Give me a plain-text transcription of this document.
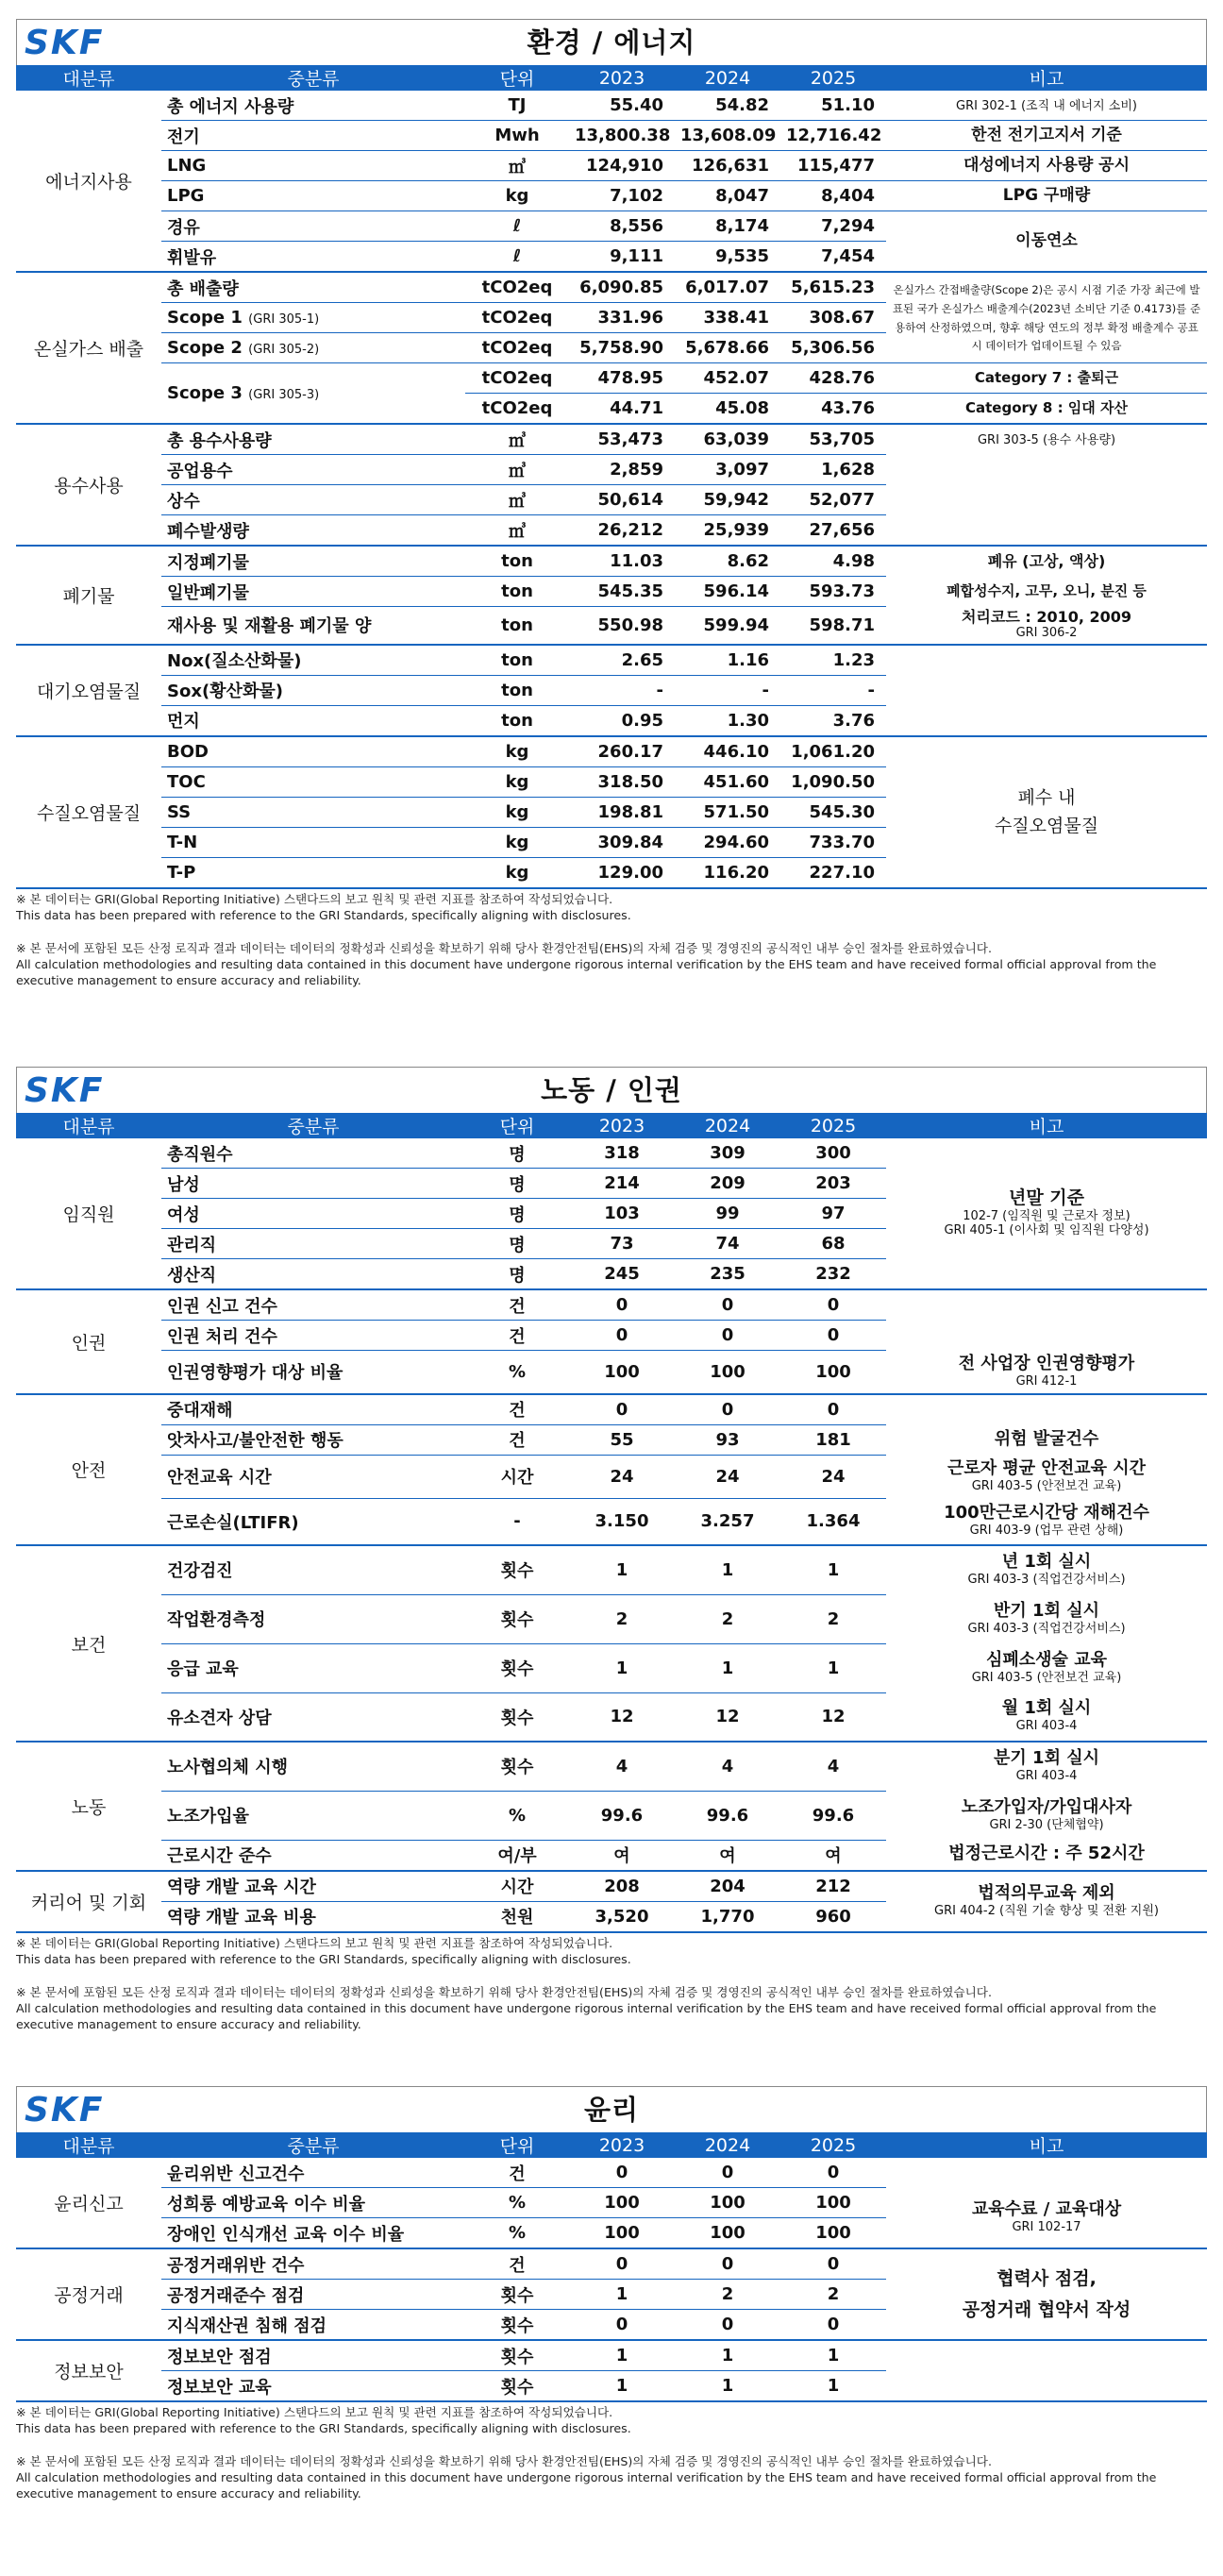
SKF	환경 / 에너지
대분류	중분류	단위	2023	2024	2025	비고
에너지사용	총 에너지 사용량	TJ	55.40	54.82	51.10	GRI 302-1 (조직 내 에너지 소비)
	전기	Mwh	13,800.38	13,608.09	12,716.42	한전 전기고지서 기준
	LNG	㎥	124,910	126,631	115,477	대성에너지 사용량 공시
	LPG	kg	7,102	8,047	8,404	LPG 구매량
	경유	ℓ	8,556	8,174	7,294	이동연소
	휘발유	ℓ	9,111	9,535	7,454	
온실가스 배출	총 배출량	tCO2eq	6,090.85	6,017.07	5,615.23	온실가스 간접배출량(Scope 2)은 공시 시점 기준 가장 최근에 발표된 국가 온실가스 배출계수(2023년 소비단 기준 0.4173)를 준용하여 산정하였으며, 향후 해당 연도의 정부 확정 배출계수 공표 시 데이터가 업데이트될 수 있음
	Scope 1 (GRI 305-1)	tCO2eq	331.96	338.41	308.67	
	Scope 2 (GRI 305-2)	tCO2eq	5,758.90	5,678.66	5,306.56	
	Scope 3 (GRI 305-3)	tCO2eq	478.95	452.07	428.76	Category 7 : 출퇴근
		tCO2eq	44.71	45.08	43.76	Category 8 : 임대 자산
용수사용	총 용수사용량	㎥	53,473	63,039	53,705	GRI 303-5 (용수 사용량)
	공업용수	㎥	2,859	3,097	1,628	
	상수	㎥	50,614	59,942	52,077	
	폐수발생량	㎥	26,212	25,939	27,656	
폐기물	지정폐기물	ton	11.03	8.62	4.98	폐유 (고상, 액상)
	일반폐기물	ton	545.35	596.14	593.73	폐합성수지, 고무, 오니, 분진 등
	재사용 및 재활용 폐기물 양	ton	550.98	599.94	598.71	처리코드 : 2010, 2009
GRI 306-2

대기오염물질	Nox(질소산화물)	ton	2.65	1.16	1.23	
	Sox(황산화물)	ton	-	-	-	
	먼지	ton	0.95	1.30	3.76	
수질오염물질	BOD	kg	260.17	446.10	1,061.20	폐수 내
수질오염물질
	TOC	kg	318.50	451.60	1,090.50	
	SS	kg	198.81	571.50	545.30	
	T-N	kg	309.84	294.60	733.70	
	T-P	kg	129.00	116.20	227.10	

※ 본 데이터는 GRI(Global Reporting Initiative) 스탠다드의 보고 원칙 및 관련 지표를 참조하여 작성되었습니다.

This data has been prepared with reference to the GRI Standards, specifically aligning with disclosures.

※ 본 문서에 포함된 모든 산정 로직과 결과 데이터는 데이터의 정확성과 신뢰성을 확보하기 위해 당사 환경안전팀(EHS)의 자체 검증 및 경영진의 공식적인 내부 승인 절차를 완료하였습니다.

All calculation methodologies and resulting data contained in this document have undergone rigorous internal verification by the EHS team and have received formal official approval from the executive management to ensure accuracy and reliability.

SKF	노동 / 인권
대분류	중분류	단위	2023	2024	2025	비고
임직원	총직원수	명	318	309	300	년말 기준
102-7 (임직원 및 근로자 정보)
GRI 405-1 (이사회 및 임직원 다양성)

	남성	명	214	209	203	
	여성	명	103	99	97	
	관리직	명	73	74	68	
	생산직	명	245	235	232	
인권	인권 신고 건수	건	0	0	0	
	인권 처리 건수	건	0	0	0	
	인권영향평가 대상 비율	%	100	100	100	전 사업장 인권영향평가
GRI 412-1

안전	중대재해	건	0	0	0	
	앗차사고/불안전한 행동	건	55	93	181	위험 발굴건수
	안전교육 시간	시간	24	24	24	근로자 평균 안전교육 시간
GRI 403-5 (안전보건 교육)

	근로손실(LTIFR)	-	3.150	3.257	1.364	100만근로시간당 재해건수
GRI 403-9 (업무 관련 상해)

보건	건강검진	횟수	1	1	1	년 1회 실시
GRI 403-3 (직업건강서비스)

	작업환경측정	횟수	2	2	2	반기 1회 실시
GRI 403-3 (직업건강서비스)

	응급 교육	횟수	1	1	1	심폐소생술 교육
GRI 403-5 (안전보건 교육)

	유소견자 상담	횟수	12	12	12	월 1회 실시
GRI 403-4

노동	노사협의체 시행	횟수	4	4	4	분기 1회 실시
GRI 403-4

	노조가입율	%	99.6	99.6	99.6	노조가입자/가입대사자
GRI 2-30 (단체협약)

	근로시간 준수	여/부	여	여	여	법정근로시간 : 주 52시간
커리어 및 기회	역량 개발 교육 시간	시간	208	204	212	법적의무교육 제외
GRI 404-2 (직원 기술 향상 및 전환 지원)

	역량 개발 교육 비용	천원	3,520	1,770	960	

※ 본 데이터는 GRI(Global Reporting Initiative) 스탠다드의 보고 원칙 및 관련 지표를 참조하여 작성되었습니다.

This data has been prepared with reference to the GRI Standards, specifically aligning with disclosures.

※ 본 문서에 포함된 모든 산정 로직과 결과 데이터는 데이터의 정확성과 신뢰성을 확보하기 위해 당사 환경안전팀(EHS)의 자체 검증 및 경영진의 공식적인 내부 승인 절차를 완료하였습니다.

All calculation methodologies and resulting data contained in this document have undergone rigorous internal verification by the EHS team and have received formal official approval from the executive management to ensure accuracy and reliability.

SKF	윤리
대분류	중분류	단위	2023	2024	2025	비고
윤리신고	윤리위반 신고건수	건	0	0	0	
	성희롱 예방교육 이수 비율	%	100	100	100	교육수료 / 교육대상
GRI 102-17

	장애인 인식개선 교육 이수 비율	%	100	100	100	
공정거래	공정거래위반 건수	건	0	0	0	협력사 점검,
공정거래 협약서 작성
	공정거래준수 점검	횟수	1	2	2	
	지식재산권 침해 점검	횟수	0	0	0	
정보보안	정보보안 점검	횟수	1	1	1	
	정보보안 교육	횟수	1	1	1	

※ 본 데이터는 GRI(Global Reporting Initiative) 스탠다드의 보고 원칙 및 관련 지표를 참조하여 작성되었습니다.

This data has been prepared with reference to the GRI Standards, specifically aligning with disclosures.

※ 본 문서에 포함된 모든 산정 로직과 결과 데이터는 데이터의 정확성과 신뢰성을 확보하기 위해 당사 환경안전팀(EHS)의 자체 검증 및 경영진의 공식적인 내부 승인 절차를 완료하였습니다.

All calculation methodologies and resulting data contained in this document have undergone rigorous internal verification by the EHS team and have received formal official approval from the executive management to ensure accuracy and reliability.
